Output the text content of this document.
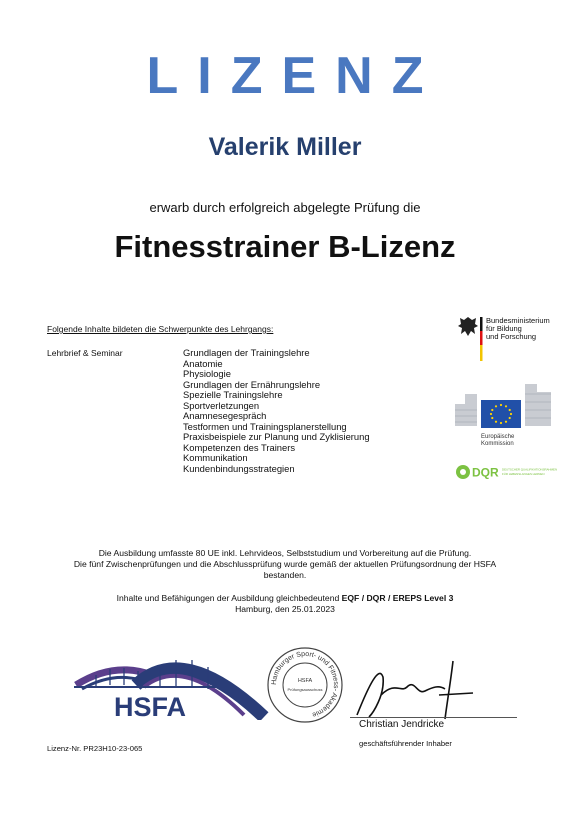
LIZENZ
Valerik Miller
erwarb durch erfolgreich abgelegte Prüfung die
Fitnesstrainer B-Lizenz
Folgende Inhalte bildeten die Schwerpunkte des Lehrgangs:
Lehrbrief & Seminar	Grundlagen der Trainingslehre
Anatomie
Physiologie
Grundlagen der Ernährungslehre
Spezielle Trainingslehre
Sportverletzungen
Anamnesegespräch
Testformen und Trainingsplanerstellung
Praxisbeispiele zur Planung und Zyklisierung
Kompetenzen des Trainers
Kommunikation
Kundenbindungsstrategien
Bundesministerium
für Bildung
und Forschung
Europäische
Kommission
DQR DEUTSCHER QUALIFIKATIONSRAHMEN
FÜR LEBENSLANGES LERNEN
Die Ausbildung umfasste 80 UE inkl. Lehrvideos, Selbststudium und Vorbereitung auf die Prüfung.
Die fünf Zwischenprüfungen und die Abschlussprüfung wurde gemäß der aktuellen Prüfungsordnung der HSFA
bestanden.
Inhalte und Befähigungen der Ausbildung gleichbedeutend EQF / DQR / EREPS Level 3
Hamburg, den 25.01.2023
HSFA
Hamburger Sport- und Fitness- Akademie
HSFA
Prüfungsausschuss
Christian Jendricke
geschäftsführender Inhaber
Lizenz-Nr. PR23H10-23-065
